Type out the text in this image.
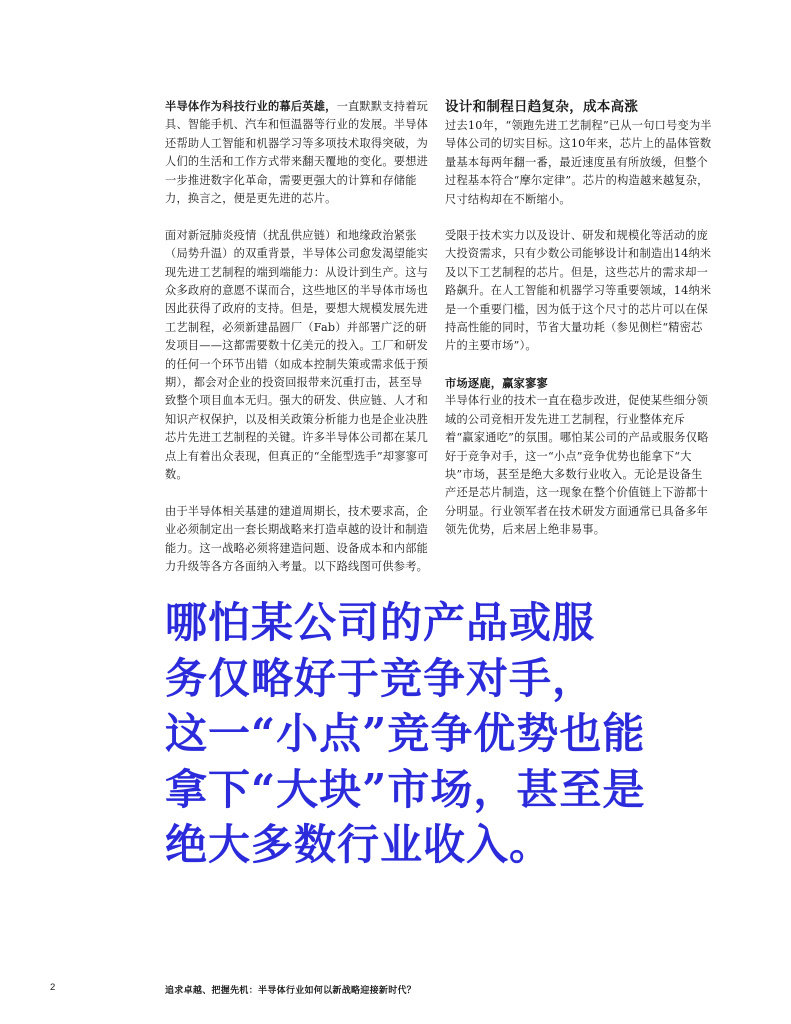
半导体作为科技行业的幕后英雄，一直默默支持着玩具、智能手机、汽车和恒温器等行业的发展。半导体还帮助人工智能和机器学习等多项技术取得突破，为人们的生活和工作方式带来翻天覆地的变化。要想进一步推进数字化革命，需要更强大的计算和存储能力，换言之，便是更先进的芯片。

面对新冠肺炎疫情（扰乱供应链）和地缘政治紧张（局势升温）的双重背景，半导体公司愈发渴望能实现先进工艺制程的端到端能力：从设计到生产。这与众多政府的意愿不谋而合，这些地区的半导体市场也因此获得了政府的支持。但是，要想大规模发展先进工艺制程，必须新建晶圆厂（Fab）并部署广泛的研发项目——这都需要数十亿美元的投入。工厂和研发的任何一个环节出错（如成本控制失策或需求低于预期），都会对企业的投资回报带来沉重打击，甚至导致整个项目血本无归。强大的研发、供应链、人才和知识产权保护，以及相关政策分析能力也是企业决胜芯片先进工艺制程的关键。许多半导体公司都在某几点上有着出众表现，但真正的“全能型选手”却寥寥可数。

由于半导体相关基建的建道周期长，技术要求高，企业必须制定出一套长期战略来打造卓越的设计和制造能力。这一战略必须将建造问题、设备成本和内部能力升级等各方各面纳入考量。以下路线图可供参考。

设计和制程日趋复杂，成本高涨

过去10年，“领跑先进工艺制程”已从一句口号变为半导体公司的切实目标。这10年来，芯片上的晶体管数量基本每两年翻一番，最近速度虽有所放缓，但整个过程基本符合“摩尔定律”。芯片的构造越来越复杂，尺寸结构却在不断缩小。

受限于技术实力以及设计、研发和规模化等活动的庞大投资需求，只有少数公司能够设计和制造出14纳米及以下工艺制程的芯片。但是，这些芯片的需求却一路飙升。在人工智能和机器学习等重要领域，14纳米是一个重要门槛，因为低于这个尺寸的芯片可以在保持高性能的同时，节省大量功耗（参见侧栏“精密芯片的主要市场”）。

市场逐鹿，赢家寥寥

半导体行业的技术一直在稳步改进，促使某些细分领域的公司竞相开发先进工艺制程，行业整体充斥着“赢家通吃”的氛围。哪怕某公司的产品或服务仅略好于竞争对手，这一“小点”竞争优势也能拿下“大块”市场，甚至是绝大多数行业收入。无论是设备生产还是芯片制造，这一现象在整个价值链上下游都十分明显。行业领军者在技术研发方面通常已具备多年领先优势，后来居上绝非易事。

哪怕某公司的产品或服
务仅略好于竞争对手，
这一“小点”竞争优势也能
拿下“大块”市场，甚至是
绝大多数行业收入。
2	追求卓越、把握先机：半导体行业如何以新战略迎接新时代？
